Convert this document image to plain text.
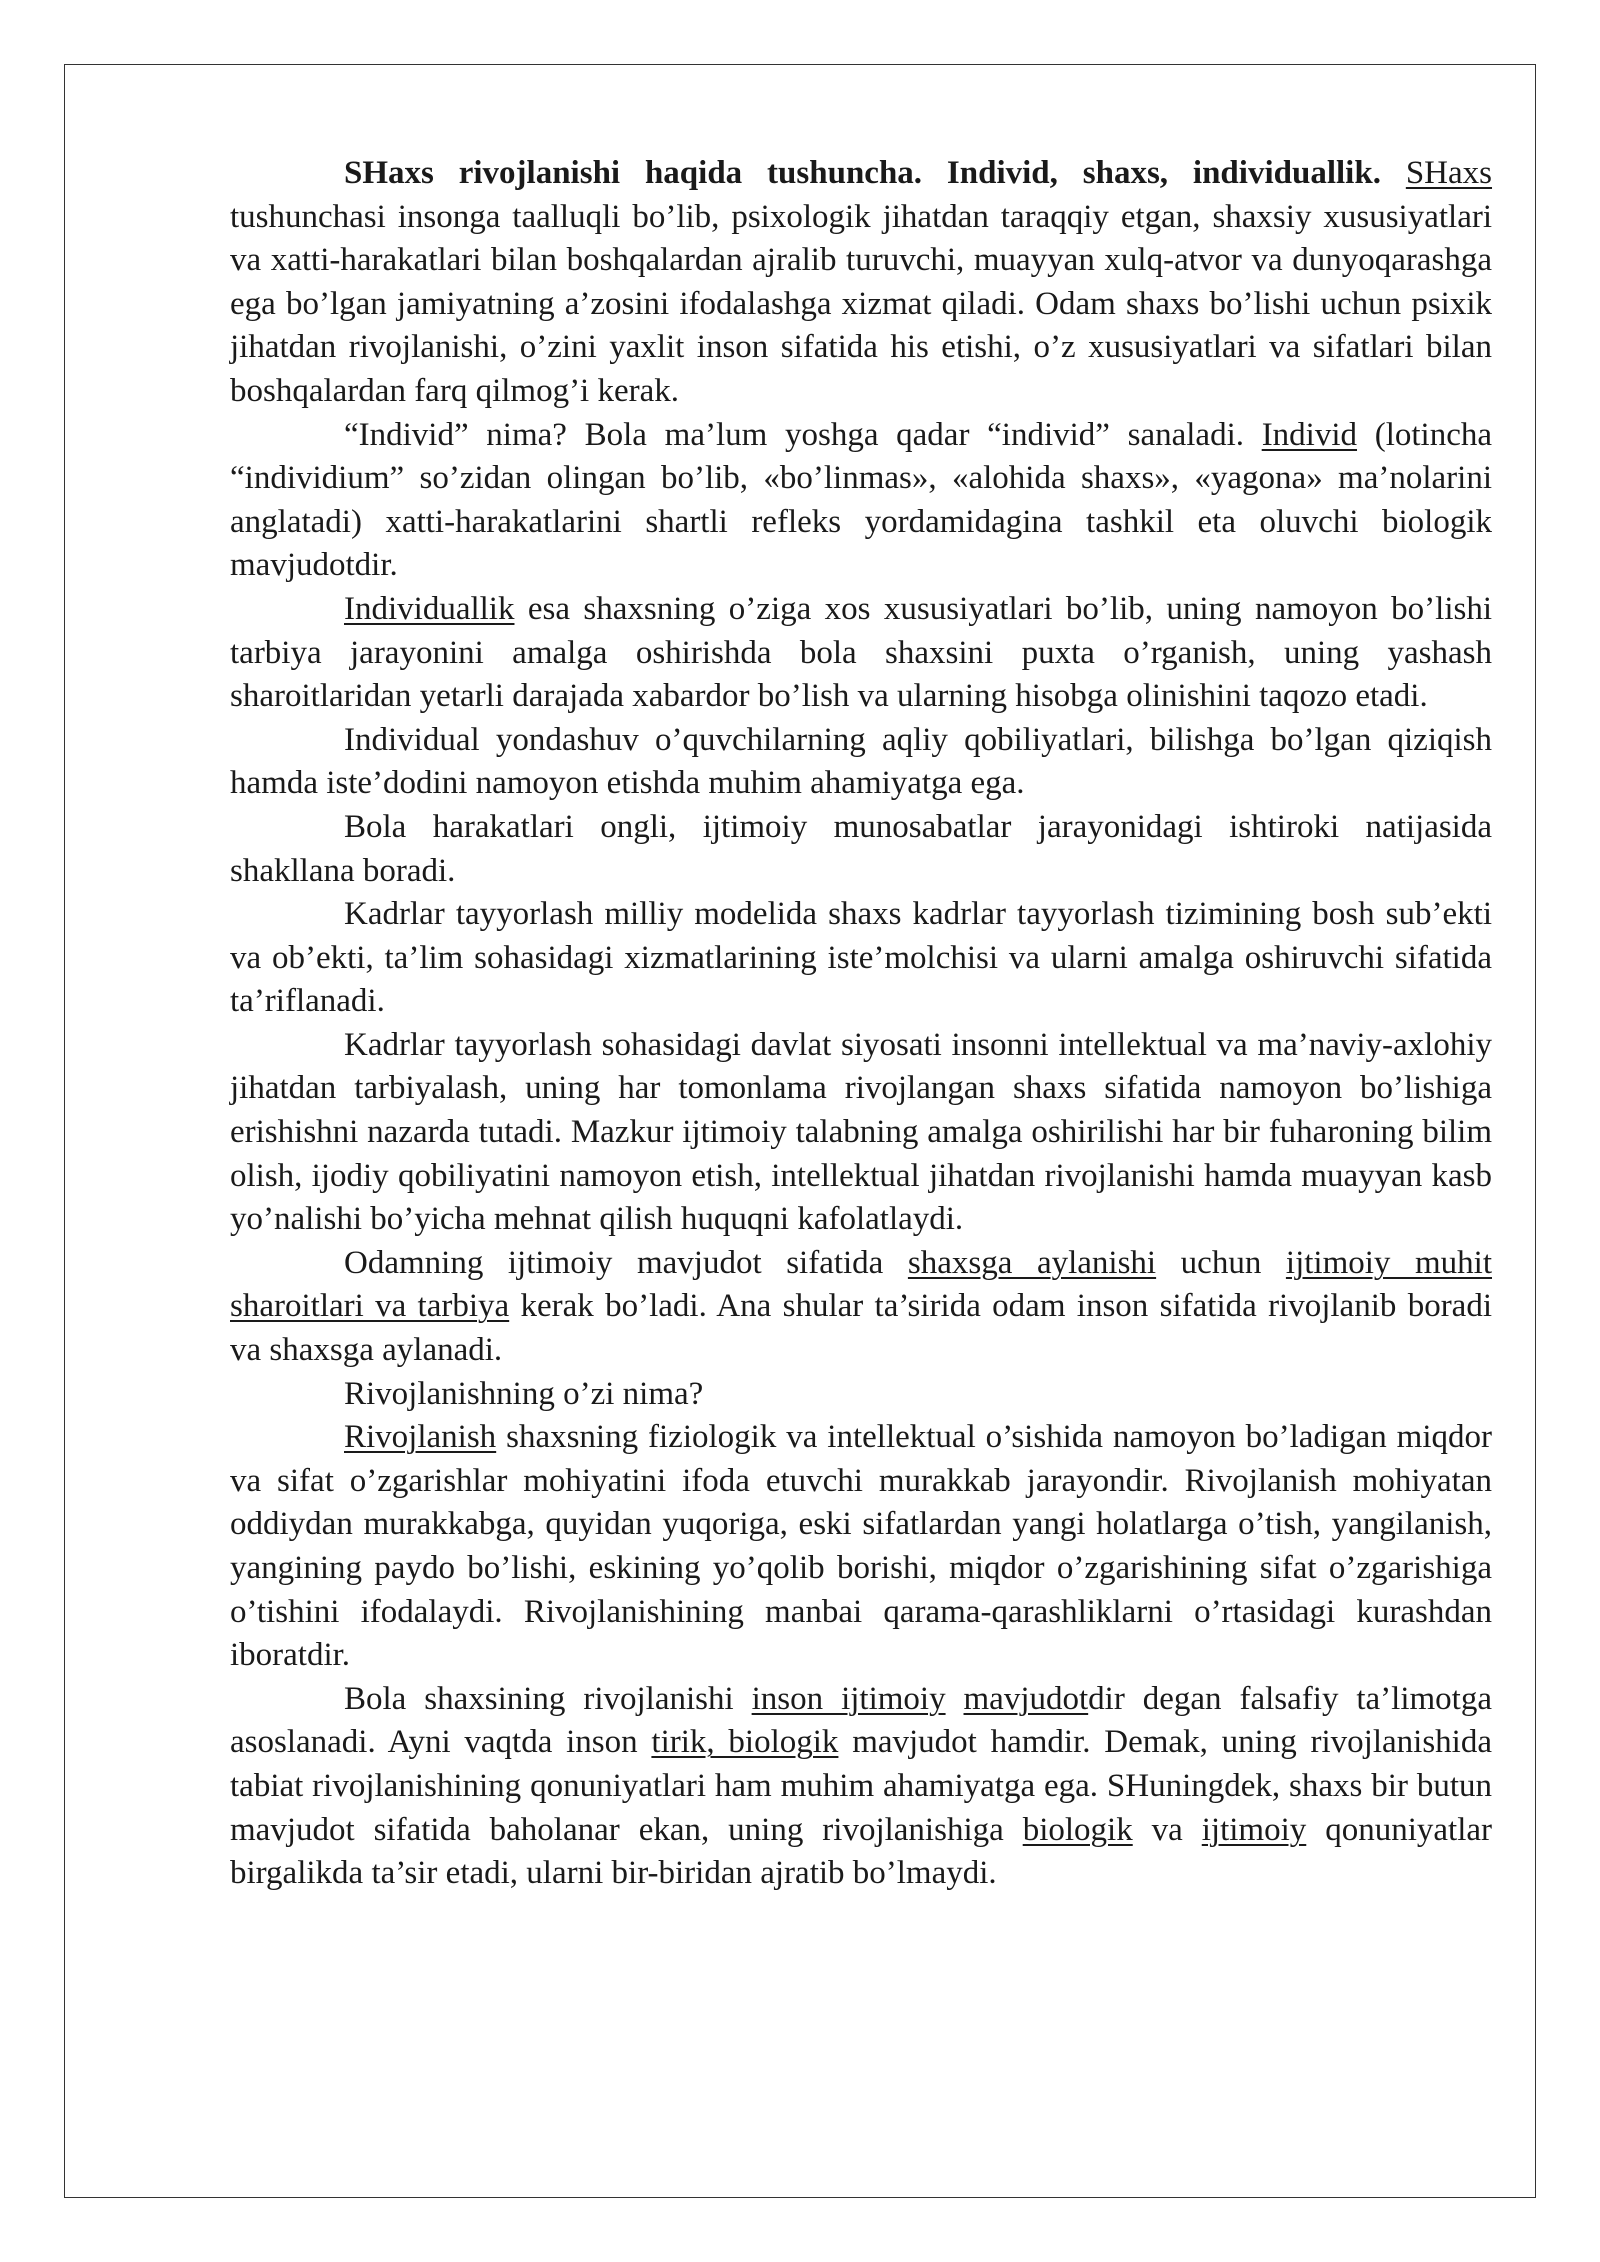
SHaxs rivojlanishi haqida tushuncha. Individ, shaxs, individuallik. SHaxs tushunchasi insonga taalluqli bo’lib, psixologik jihatdan taraqqiy etgan, shaxsiy xususiyatlari va xatti-harakatlari bilan boshqalardan ajralib turuvchi, muayyan xulq-atvor va dunyoqarashga ega bo’lgan jamiyatning a’zosini ifodalashga xizmat qiladi. Odam shaxs bo’lishi uchun psixik jihatdan rivojlanishi, o’zini yaxlit inson sifatida his etishi, o’z xususiyatlari va sifatlari bilan boshqalardan farq qilmog’i kerak.

“Individ” nima? Bola ma’lum yoshga qadar “individ” sanaladi. Individ (lotincha “individium” so’zidan olingan bo’lib, «bo’linmas», «alohida shaxs», «yagona» ma’nolarini anglatadi) xatti-harakatlarini shartli refleks yordamidagina tashkil eta oluvchi biologik mavjudotdir.

Individuallik esa shaxsning o’ziga xos xususiyatlari bo’lib, uning namoyon bo’lishi tarbiya jarayonini amalga oshirishda bola shaxsini puxta o’rganish, uning yashash sharoitlaridan yetarli darajada xabardor bo’lish va ularning hisobga olinishini taqozo etadi.

Individual yondashuv o’quvchilarning aqliy qobiliyatlari, bilishga bo’lgan qiziqish hamda iste’dodini namoyon etishda muhim ahamiyatga ega.

Bola harakatlari ongli, ijtimoiy munosabatlar jarayonidagi ishtiroki natijasida shakllana boradi.

Kadrlar tayyorlash milliy modelida shaxs kadrlar tayyorlash tizimining bosh sub’ekti va ob’ekti, ta’lim sohasidagi xizmatlarining iste’molchisi va ularni amalga oshiruvchi sifatida ta’riflanadi.

Kadrlar tayyorlash sohasidagi davlat siyosati insonni intellektual va ma’naviy-axlohiy jihatdan tarbiyalash, uning har tomonlama rivojlangan shaxs sifatida namoyon bo’lishiga erishishni nazarda tutadi. Mazkur ijtimoiy talabning amalga oshirilishi har bir fuharoning bilim olish, ijodiy qobiliyatini namoyon etish, intellektual jihatdan rivojlanishi hamda muayyan kasb yo’nalishi bo’yicha mehnat qilish huquqni kafolatlaydi.

Odamning ijtimoiy mavjudot sifatida shaxsga aylanishi uchun ijtimoiy muhit sharoitlari va tarbiya kerak bo’ladi. Ana shular ta’sirida odam inson sifatida rivojlanib boradi va shaxsga aylanadi.

Rivojlanishning o’zi nima?

Rivojlanish shaxsning fiziologik va intellektual o’sishida namoyon bo’ladigan miqdor va sifat o’zgarishlar mohiyatini ifoda etuvchi murakkab jarayondir. Rivojlanish mohiyatan oddiydan murakkabga, quyidan yuqoriga, eski sifatlardan yangi holatlarga o’tish, yangilanish, yangining paydo bo’lishi, eskining yo’qolib borishi, miqdor o’zgarishining sifat o’zgarishiga o’tishini ifodalaydi. Rivojlanishining manbai qarama-qarashliklarni o’rtasidagi kurashdan iboratdir.

Bola shaxsining rivojlanishi inson ijtimoiy mavjudotdir degan falsafiy ta’limotga asoslanadi. Ayni vaqtda inson tirik, biologik mavjudot hamdir. Demak, uning rivojlanishida tabiat rivojlanishining qonuniyatlari ham muhim ahamiyatga ega. SHuningdek, shaxs bir butun mavjudot sifatida baholanar ekan, uning rivojlanishiga biologik va ijtimoiy qonuniyatlar birgalikda ta’sir etadi, ularni bir-biridan ajratib bo’lmaydi.
